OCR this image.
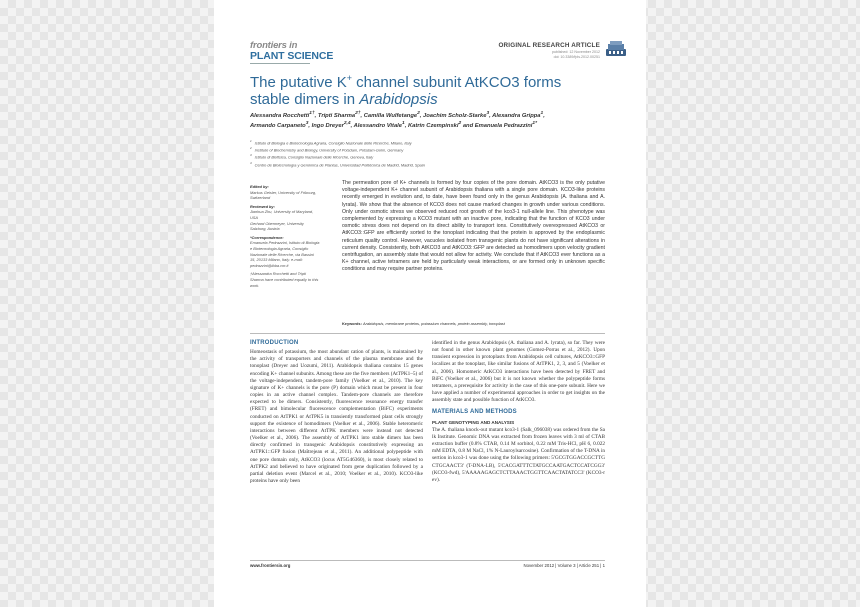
frontiers in
PLANT SCIENCE
ORIGINAL RESEARCH ARTICLE
published: 12 November 2012
doi: 10.3389/fpls.2012.00251
The putative K+ channel subunit AtKCO3 forms stable dimers in Arabidopsis
Alessandra Rocchetti$^{1\dagger}$, Tripti Sharma$^{2\dagger}$, Camilla Wulfetange$^2$, Joachim Scholz-Starke$^3$, Alexandra Grippa$^1$, Armando Carpaneto$^3$, Ingo Dreyer$^{2,4}$, Alessandro Vitale$^1$, Katrin Czempinski$^2$ and Emanuela Pedrazzini$^{1*}$
$^1$ Istituto di Biologia e Biotecnologia Agraria, Consiglio Nazionale delle Ricerche, Milano, Italy
$^2$ Institute of Biochemistry and Biology, University of Potsdam, Potsdam-Golm, Germany
$^3$ Istituto di Biofisica, Consiglio Nazionale delle Ricerche, Genova, Italy
$^4$ Centro de Biotecnología y Genómica de Plantas, Universidad Politécnica de Madrid, Madrid, Spain

Edited by:

Markus Geisler, University of Fribourg, Switzerland

Reviewed by:

Jianhua Zhu, University of Maryland, USA

Gerhard Obermeyer, University Salzburg, Austria

*Correspondence:

Emanuela Pedrazzini, Istituto di Biologia e Biotecnologia Agraria, Consiglio Nazionale delle Ricerche, via Bassini 15, 20133 Milano, Italy. e-mail: pedrazzini@ibba.cnr.it

†Alessandra Rocchetti and Tripti Sharma have contributed equally to this work.

The permeation pore of K+ channels is formed by four copies of the pore domain. AtKCO3 is the only putative voltage-independent K+ channel subunit of Arabidopsis thaliana with a single pore domain. KCO3-like proteins recently emerged in evolution and, to date, have been found only in the genus Arabidopsis (A. thaliana and A. lyrata). We show that the absence of KCO3 does not cause marked changes in growth under various conditions. Only under osmotic stress we observed reduced root growth of the kco3-1 null-allele line. This phenotype was complemented by expressing a KCO3 mutant with an inactive pore, indicating that the function of KCO3 under osmotic stress does not depend on its direct ability to transport ions. Constitutively overexpressed AtKCO3 or AtKCO3::GFP are efficiently sorted to the tonoplast indicating that the protein is approved by the endoplasmic reticulum quality control. However, vacuoles isolated from transgenic plants do not have significant alterations in current density. Consistently, both AtKCO3 and AtKCO3::GFP are detected as homodimers upon velocity gradient centrifugation, an assembly state that would not allow for activity. We conclude that if AtKCO3 ever functions as a K+ channel, active tetramers are held by particularly weak interactions, or are formed only in unknown specific conditions and may require partner proteins.
Keywords: Arabidopsis, membrane proteins, potassium channels, protein assembly, tonoplast
INTRODUCTION

Homeostasis of potassium, the most abundant cation of plants, is maintained by the activity of transporters and channels of the plasma membrane and the tonoplast (Dreyer and Uozumi, 2011). Arabidopsis thaliana contains 15 genes encoding K+ channel subunits. Among these are the five members (AtTPK1–5) of the voltage-independent, tandem-pore family (Voelker et al., 2010). The key signature of K+ channels is the pore (P) domain which must be present in four copies in an active channel complex. Tandem-pore channels are therefore expected to be dimers. Consistently, fluorescence resonance energy transfer (FRET) and bimolecular fluorescence complementation (BiFC) experiments conducted on AtTPK1 or AtTPK5 in transiently transformed plant cells strongly support the existence of homodimers (Voelker et al., 2006). Stable heteromeric interactions between different AtTPK members were instead not detected (Voelker et al., 2006). The assembly of AtTPK1 into stable dimers has been directly confirmed in transgenic Arabidopsis constitutively expressing an AtTPK1::GFP fusion (Maîtrejean et al., 2011). An additional polypeptide with one pore domain only, AtKCO3 (locus AT5G46360), is most closely related to AtTPK2 and believed to have originated from gene duplication followed by a partial deletion event (Marcel et al., 2010; Voelker et al., 2010). KCO3-like proteins have only been

identified in the genus Arabidopsis (A. thaliana and A. lyrata), so far. They were not found in other known plant genomes (Gomez-Porras et al., 2012). Upon transient expression in protoplasts from Arabidopsis cell cultures, AtKCO3::GFP localizes at the tonoplast, like similar fusions of AtTPK1, 2, 3, and 5 (Voelker et al., 2006). Homomeric AtKCO3 interactions have been detected by FRET and BiFC (Voelker et al., 2006) but it is not known whether the polypeptide forms tetramers, a prerequisite for activity in the case of this one-pore subunit. Here we have applied a number of experimental approaches in order to get insights on the assembly state and possible function of AtKCO3.

MATERIALS AND METHODS
PLANT GENOTYPING AND ANALYSIS

The A. thaliana knock-out mutant kco3-1 (Salk_096038) was ordered from the Salk Institute. Genomic DNA was extracted from frozen leaves with 3 ml of CTAB extraction buffer (0.8% CTAB, 0.14 M sorbitol, 0.22 mM Tris-HCl, pH 6, 0.022 mM EDTA, 0.8 M NaCl, 1% N-Lauroylsarcosine). Confirmation of the T-DNA insertion in kco3-1 was done using the following primers: 5'GCGTGGACCGCTTGCTGCAACT3' (T-DNA-LB), 5'CACGATTTCTATGCCAATGACTCCATCGG3' (KCO3-fwd), 5'AAAAAGAGCTCTTAAACTGGTTCAACTATATCC3' (KCO3-rev).

www.frontiersin.org	November 2012 | Volume 3 | Article 251 | 1
